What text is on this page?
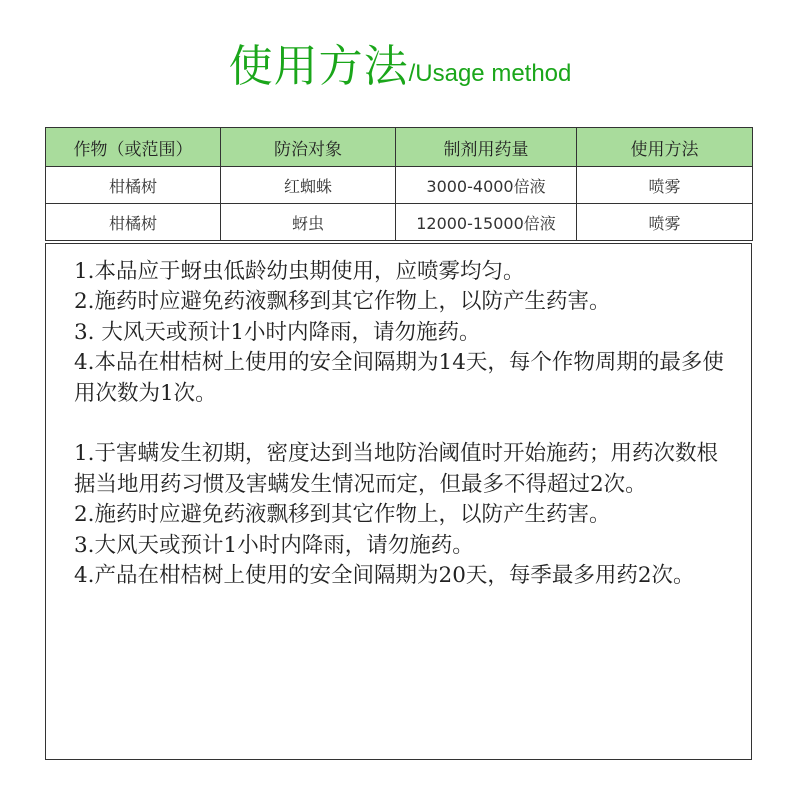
使用方法/Usage method
作物（或范围）	防治对象	制剂用药量	使用方法
柑橘树	红蜘蛛	3000-4000倍液	喷雾
柑橘树	蚜虫	12000-15000倍液	喷雾
1.本品应于蚜虫低龄幼虫期使用，应喷雾均匀。
2.施药时应避免药液飘移到其它作物上，以防产生药害。
3. 大风天或预计1小时内降雨，请勿施药。
4.本品在柑桔树上使用的安全间隔期为14天，每个作物周期的最多使用次数为1次。
1.于害螨发生初期，密度达到当地防治阈值时开始施药；用药次数根据当地用药习惯及害螨发生情况而定，但最多不得超过2次。
2.施药时应避免药液飘移到其它作物上，以防产生药害。
3.大风天或预计1小时内降雨，请勿施药。
4.产品在柑桔树上使用的安全间隔期为20天，每季最多用药2次。
